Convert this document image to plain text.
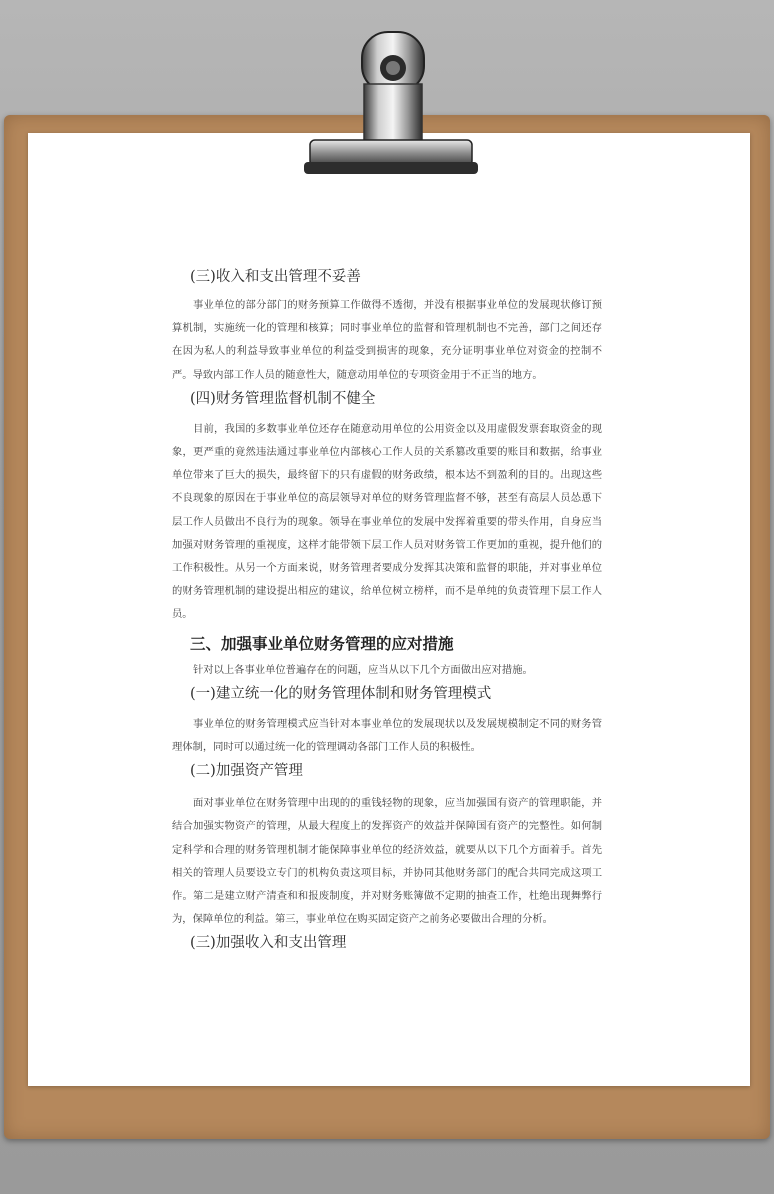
(三)收入和支出管理不妥善

事业单位的部分部门的财务预算工作做得不透彻，并没有根据事业单位的发展现状修订预算机制，实施统一化的管理和核算；同时事业单位的监督和管理机制也不完善，部门之间还存在因为私人的利益导致事业单位的利益受到损害的现象，充分证明事业单位对资金的控制不严。导致内部工作人员的随意性大，随意动用单位的专项资金用于不正当的地方。

(四)财务管理监督机制不健全

目前，我国的多数事业单位还存在随意动用单位的公用资金以及用虚假发票套取资金的现象，更严重的竟然违法通过事业单位内部核心工作人员的关系篡改重要的账目和数据，给事业单位带来了巨大的损失，最终留下的只有虚假的财务政绩，根本达不到盈利的目的。出现这些不良现象的原因在于事业单位的高层领导对单位的财务管理监督不够，甚至有高层人员怂恿下层工作人员做出不良行为的现象。领导在事业单位的发展中发挥着重要的带头作用，自身应当加强对财务管理的重视度，这样才能带领下层工作人员对财务管工作更加的重视，提升他们的工作积极性。从另一个方面来说，财务管理者要成分发挥其决策和监督的职能，并对事业单位的财务管理机制的建设提出相应的建议，给单位树立榜样，而不是单纯的负责管理下层工作人员。

三、加强事业单位财务管理的应对措施

针对以上各事业单位普遍存在的问题，应当从以下几个方面做出应对措施。

(一)建立统一化的财务管理体制和财务管理模式

事业单位的财务管理模式应当针对本事业单位的发展现状以及发展规模制定不同的财务管理体制，同时可以通过统一化的管理调动各部门工作人员的积极性。

(二)加强资产管理

面对事业单位在财务管理中出现的的重钱轻物的现象，应当加强国有资产的管理职能，并结合加强实物资产的管理，从最大程度上的发挥资产的效益并保障国有资产的完整性。如何制定科学和合理的财务管理机制才能保障事业单位的经济效益，就要从以下几个方面着手。首先相关的管理人员要设立专门的机构负责这项目标，并协同其他财务部门的配合共同完成这项工作。第二是建立财产清查和和报废制度，并对财务账簿做不定期的抽查工作，杜绝出现舞弊行为，保障单位的利益。第三，事业单位在购买固定资产之前务必要做出合理的分析。

(三)加强收入和支出管理
